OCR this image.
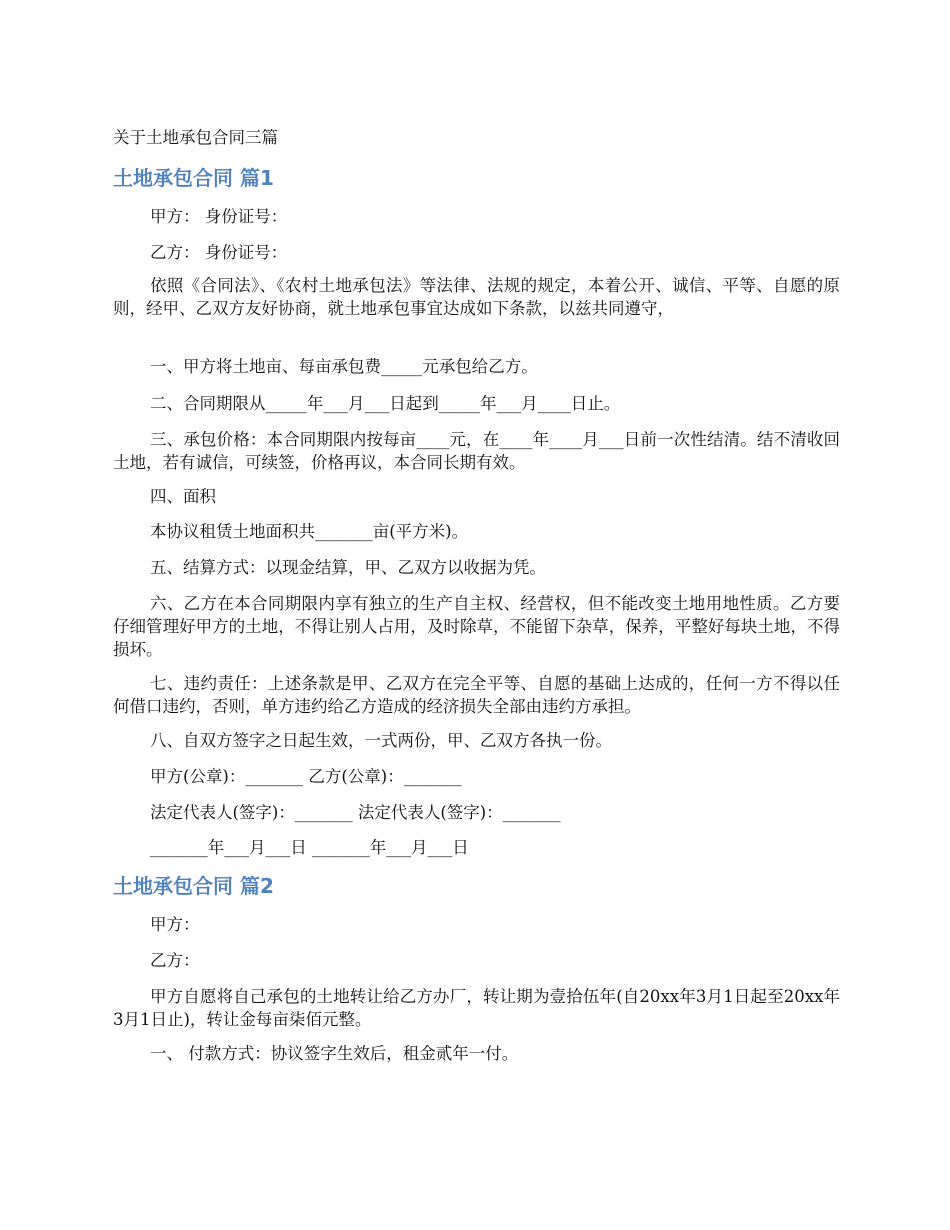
关于土地承包合同三篇
土地承包合同 篇1

甲方： 身份证号：

乙方： 身份证号：

依照《合同法》、《农村土地承包法》等法律、法规的规定，本着公开、诚信、平等、自愿的原则，经甲、乙双方友好协商，就土地承包事宜达成如下条款，以兹共同遵守，

一、甲方将土地亩、每亩承包费_____元承包给乙方。

二、合同期限从_____年___月___日起到_____年___月____日止。

三、承包价格：本合同期限内按每亩____元，在____年____月___日前一次性结清。结不清收回土地，若有诚信，可续签，价格再议，本合同长期有效。

四、面积

本协议租赁土地面积共_______亩(平方米)。

五、结算方式：以现金结算，甲、乙双方以收据为凭。

六、乙方在本合同期限内享有独立的生产自主权、经营权，但不能改变土地用地性质。乙方要仔细管理好甲方的土地，不得让别人占用，及时除草，不能留下杂草，保养，平整好每块土地，不得损坏。

七、违约责任：上述条款是甲、乙双方在完全平等、自愿的基础上达成的，任何一方不得以任何借口违约，否则，单方违约给乙方造成的经济损失全部由违约方承担。

八、自双方签字之日起生效，一式两份，甲、乙双方各执一份。

甲方(公章)：_______ 乙方(公章)：_______

法定代表人(签字)：_______ 法定代表人(签字)：_______

_______年___月___日 _______年___月___日

土地承包合同 篇2

甲方：

乙方：

甲方自愿将自己承包的土地转让给乙方办厂，转让期为壹拾伍年(自20xx年3月1日起至20xx年3月1日止)，转让金每亩柒佰元整。

一、 付款方式：协议签字生效后，租金贰年一付。
